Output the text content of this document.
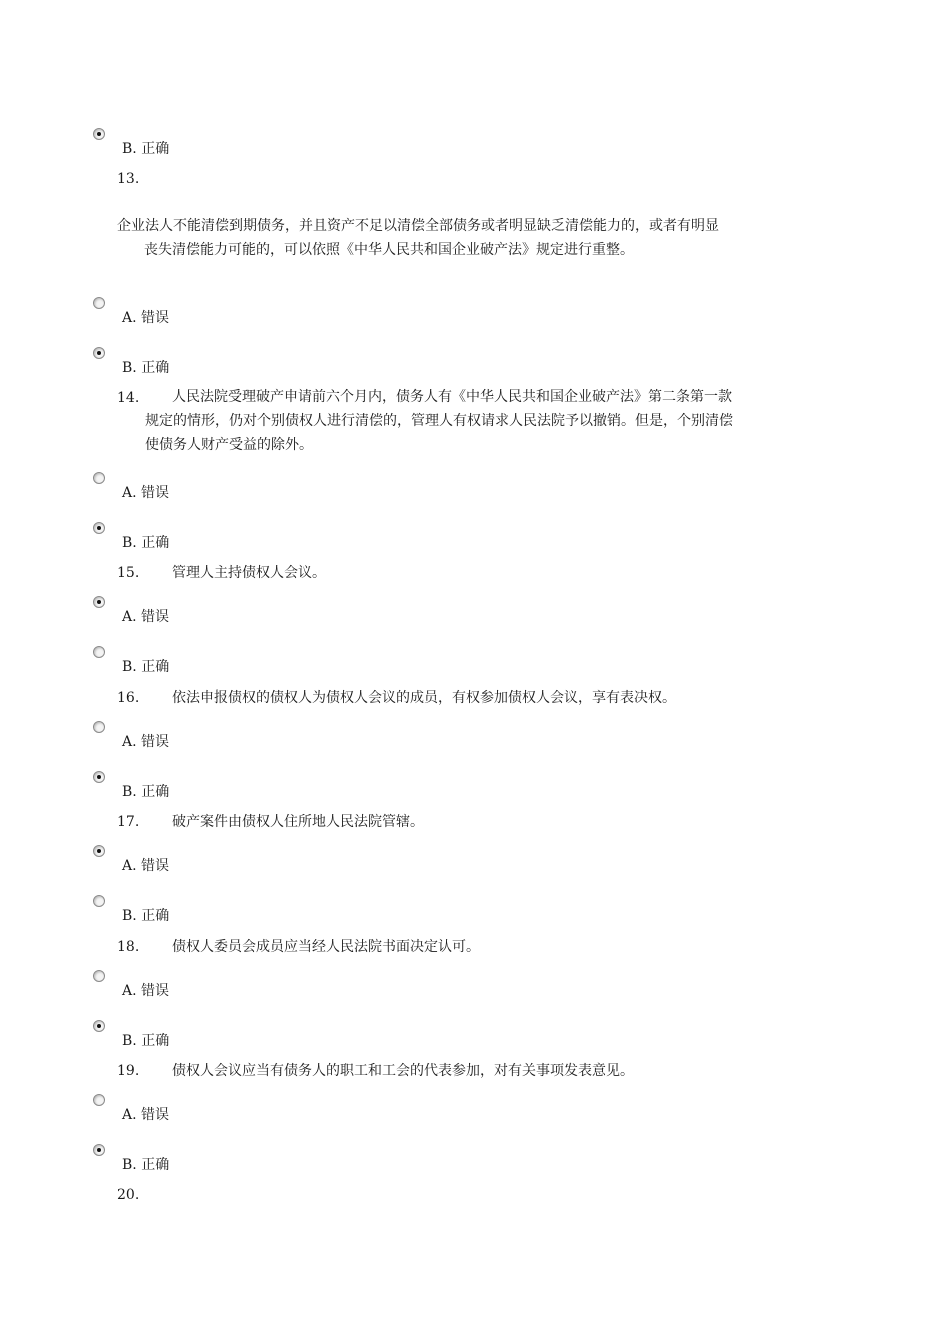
B. 正确
13.
企业法人不能清偿到期债务，并且资产不足以清偿全部债务或者明显缺乏清偿能力的，或者有明显
丧失清偿能力可能的，可以依照《中华人民共和国企业破产法》规定进行重整。
A. 错误
B. 正确
14.	人民法院受理破产申请前六个月内，债务人有《中华人民共和国企业破产法》第二条第一款
规定的情形，仍对个别债权人进行清偿的，管理人有权请求人民法院予以撤销。但是，个别清偿
使债务人财产受益的除外。
A. 错误
B. 正确
15. 管理人主持债权人会议。
A. 错误
B. 正确
16. 依法申报债权的债权人为债权人会议的成员，有权参加债权人会议，享有表决权。
A. 错误
B. 正确
17. 破产案件由债权人住所地人民法院管辖。
A. 错误
B. 正确
18. 债权人委员会成员应当经人民法院书面决定认可。
A. 错误
B. 正确
19. 债权人会议应当有债务人的职工和工会的代表参加，对有关事项发表意见。
A. 错误
B. 正确
20.
